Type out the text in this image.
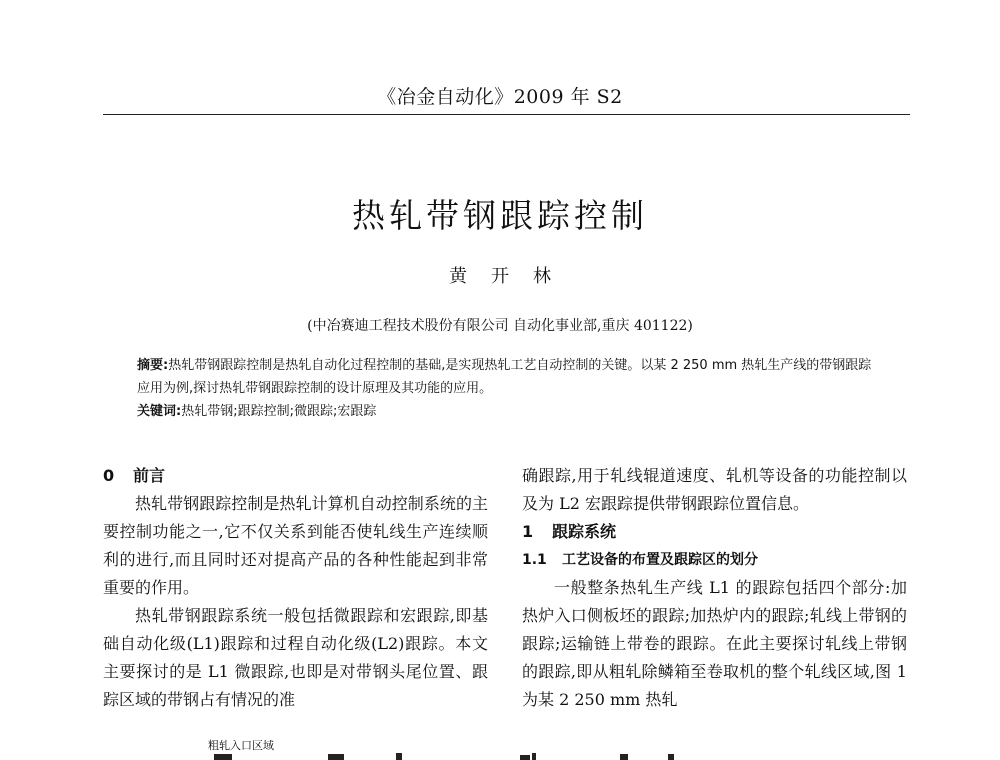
《冶金自动化》2009 年 S2
热轧带钢跟踪控制
黄开林
(中冶赛迪工程技术股份有限公司 自动化事业部,重庆 401122)

摘要:热轧带钢跟踪控制是热轧自动化过程控制的基础,是实现热轧工艺自动控制的关键。以某 2 250 mm 热轧生产线的带钢跟踪应用为例,探讨热轧带钢跟踪控制的设计原理及其功能的应用。

关键词:热轧带钢;跟踪控制;微跟踪;宏跟踪

0 前言

热轧带钢跟踪控制是热轧计算机自动控制系统的主要控制功能之一,它不仅关系到能否使轧线生产连续顺利的进行,而且同时还对提高产品的各种性能起到非常重要的作用。

热轧带钢跟踪系统一般包括微跟踪和宏跟踪,即基础自动化级(L1)跟踪和过程自动化级(L2)跟踪。本文主要探讨的是 L1 微跟踪,也即是对带钢头尾位置、跟踪区域的带钢占有情况的准

确跟踪,用于轧线辊道速度、轧机等设备的功能控制以及为 L2 宏跟踪提供带钢跟踪位置信息。

1 跟踪系统

1.1 工艺设备的布置及跟踪区的划分

一般整条热轧生产线 L1 的跟踪包括四个部分:加热炉入口侧板坯的跟踪;加热炉内的跟踪;轧线上带钢的跟踪;运输链上带卷的跟踪。在此主要探讨轧线上带钢的跟踪,即从粗轧除鳞箱至卷取机的整个轧线区域,图 1 为某 2 250 mm 热轧

粗轧入口区域
